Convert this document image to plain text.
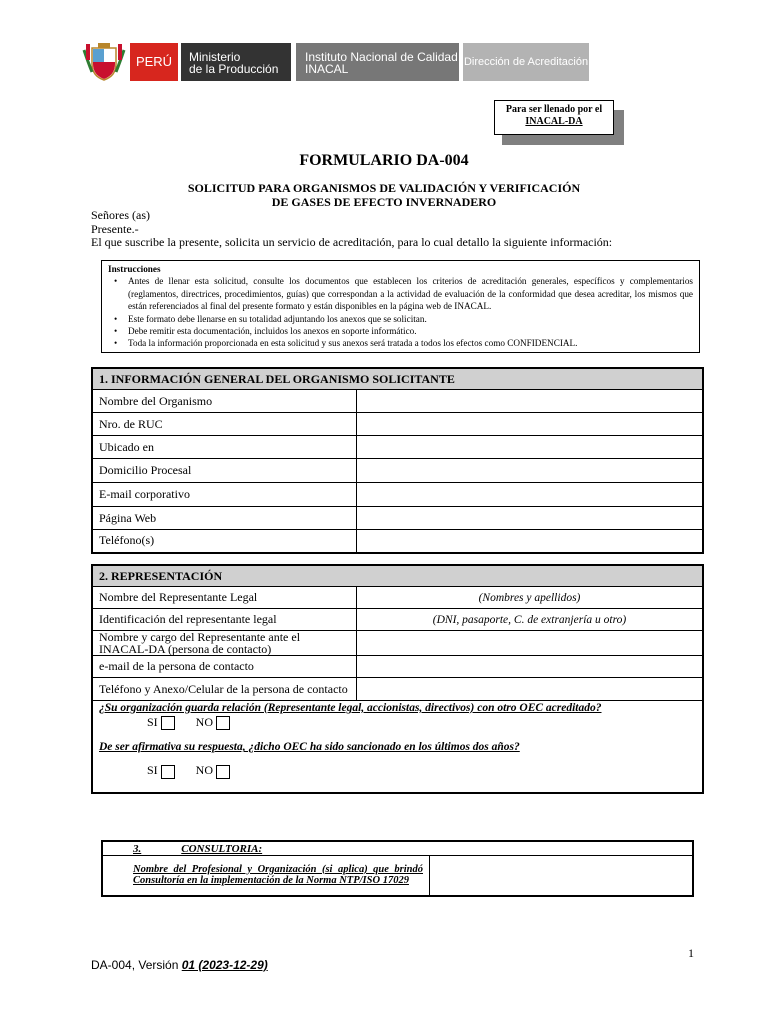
PERÚ	Ministerio
de la Producción
Instituto Nacional de Calidad
INACAL	Dirección de Acreditación
Para ser llenado por el
INACAL-DA
FORMULARIO DA-004
SOLICITUD PARA ORGANISMOS DE VALIDACIÓN Y VERIFICACIÓN
DE GASES DE EFECTO INVERNADERO
Señores (as)
Presente.-
El que suscribe la presente, solicita un servicio de acreditación, para lo cual detallo la siguiente información:
Instrucciones
• Antes de llenar esta solicitud, consulte los documentos que establecen los criterios de acreditación generales, específicos y complementarios (reglamentos, directrices, procedimientos, guías) que correspondan a la actividad de evaluación de la conformidad que desea acreditar, los mismos que están referenciados al final del presente formato y están disponibles en la página web de INACAL.
• Este formato debe llenarse en su totalidad adjuntando los anexos que se solicitan.
• Debe remitir esta documentación, incluidos los anexos en soporte informático.
• Toda la información proporcionada en esta solicitud y sus anexos será tratada a todos los efectos como CONFIDENCIAL.
1. INFORMACIÓN GENERAL DEL ORGANISMO SOLICITANTE	
Nombre del Organismo	
Nro. de RUC	
Ubicado en	
Domicilio Procesal	
E-mail corporativo	
Página Web	
Teléfono(s)	
2. REPRESENTACIÓN	
Nombre del Representante Legal	(Nombres y apellidos)
Identificación del representante legal	(DNI, pasaporte, C. de extranjería u otro)
Nombre y cargo del Representante ante el INACAL-DA (persona de contacto)	
e-mail de la persona de contacto	
Teléfono y Anexo/Celular de la persona de contacto	

¿Su organización guarda relación (Representante legal, accionistas, directivos) con otro OEC acreditado?
SI NO
De ser afirmativa su respuesta, ¿dicho OEC ha sido sancionado en los últimos dos años?
SI NO	
3.	CONSULTORIA:
Nombre del Profesional y Organización (si aplica) que brindó Consultoría en la implementación de la Norma NTP/ISO 17029	
1
DA-004, Versión 01 (2023-12-29)
